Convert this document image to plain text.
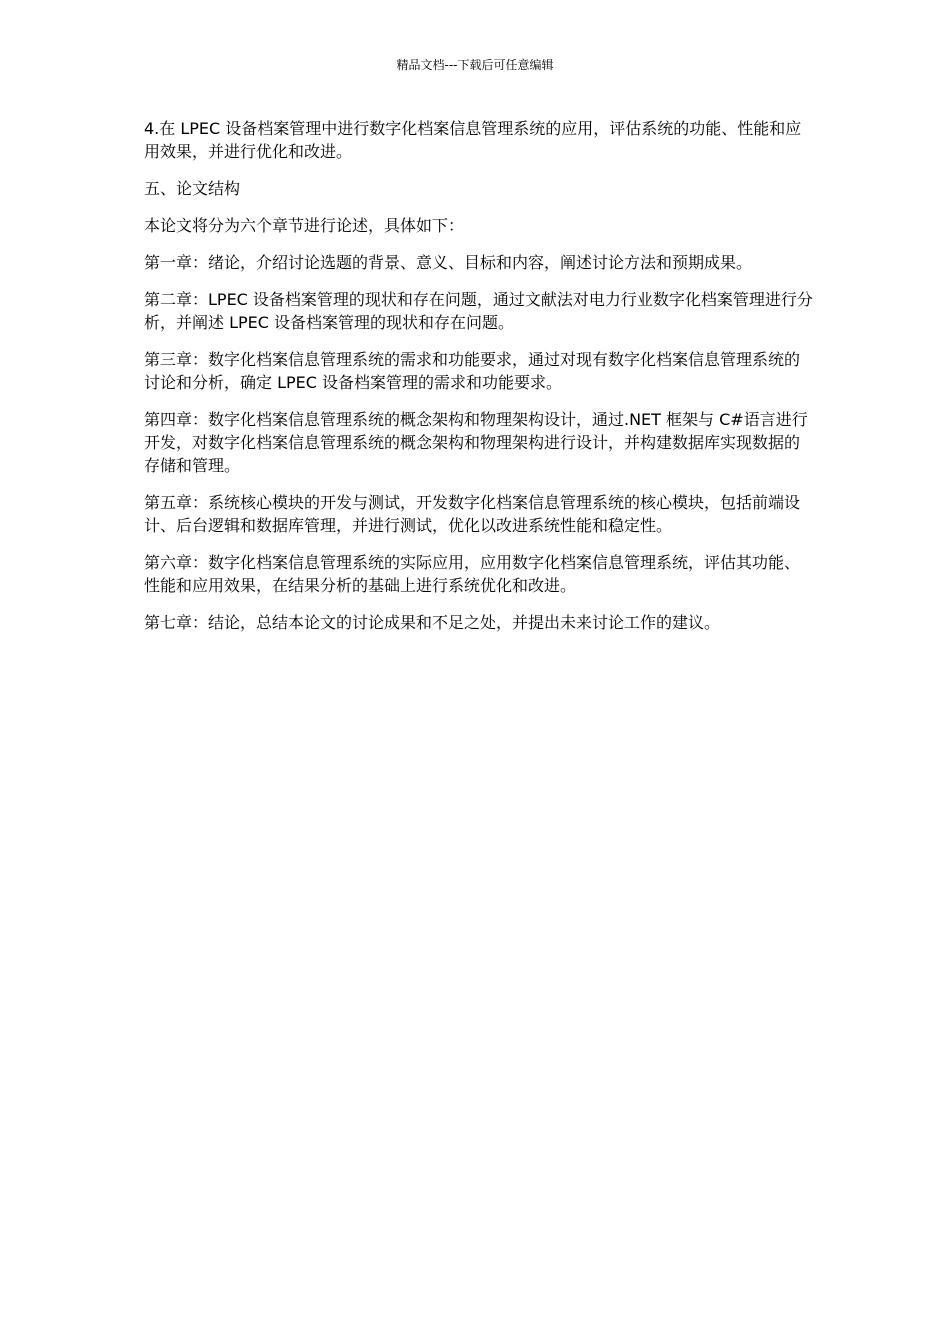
精品文档---下载后可任意编辑

4.在 LPEC 设备档案管理中进行数字化档案信息管理系统的应用，评估系统的功能、性能和应用效果，并进行优化和改进。

五、论文结构

本论文将分为六个章节进行论述，具体如下：

第一章：绪论，介绍讨论选题的背景、意义、目标和内容，阐述讨论方法和预期成果。

第二章：LPEC 设备档案管理的现状和存在问题，通过文献法对电力行业数字化档案管理进行分析，并阐述 LPEC 设备档案管理的现状和存在问题。

第三章：数字化档案信息管理系统的需求和功能要求，通过对现有数字化档案信息管理系统的讨论和分析，确定 LPEC 设备档案管理的需求和功能要求。

第四章：数字化档案信息管理系统的概念架构和物理架构设计，通过.NET 框架与 C#语言进行开发，对数字化档案信息管理系统的概念架构和物理架构进行设计，并构建数据库实现数据的存储和管理。

第五章：系统核心模块的开发与测试，开发数字化档案信息管理系统的核心模块，包括前端设计、后台逻辑和数据库管理，并进行测试，优化以改进系统性能和稳定性。

第六章：数字化档案信息管理系统的实际应用，应用数字化档案信息管理系统，评估其功能、性能和应用效果，在结果分析的基础上进行系统优化和改进。

第七章：结论，总结本论文的讨论成果和不足之处，并提出未来讨论工作的建议。
